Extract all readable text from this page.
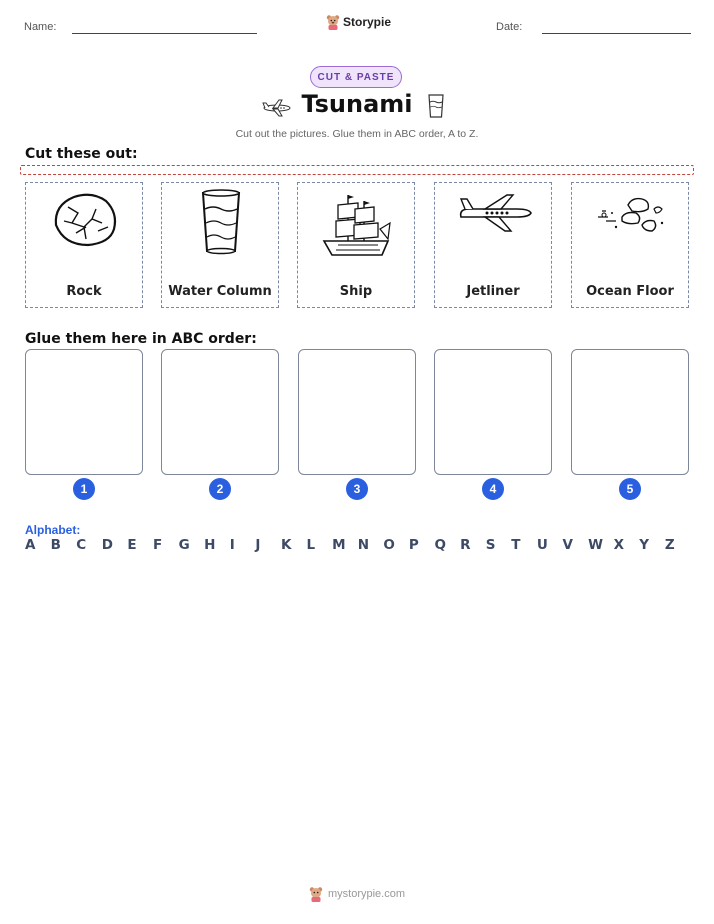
Name:	Storypie	Date:
CUT & PASTE
Tsunami
Cut out the pictures. Glue them in ABC order, A to Z.
Cut these out:
Rock	Water Column	Ship	Jetliner	Ocean Floor
Glue them here in ABC order:
1	2	3	4	5
Alphabet:
A	B	C	D	E	F	G	H	I	J	K	L	M N	O	P	Q	R	S	T	U	V	W X	Y	Z
mystorypie.com
